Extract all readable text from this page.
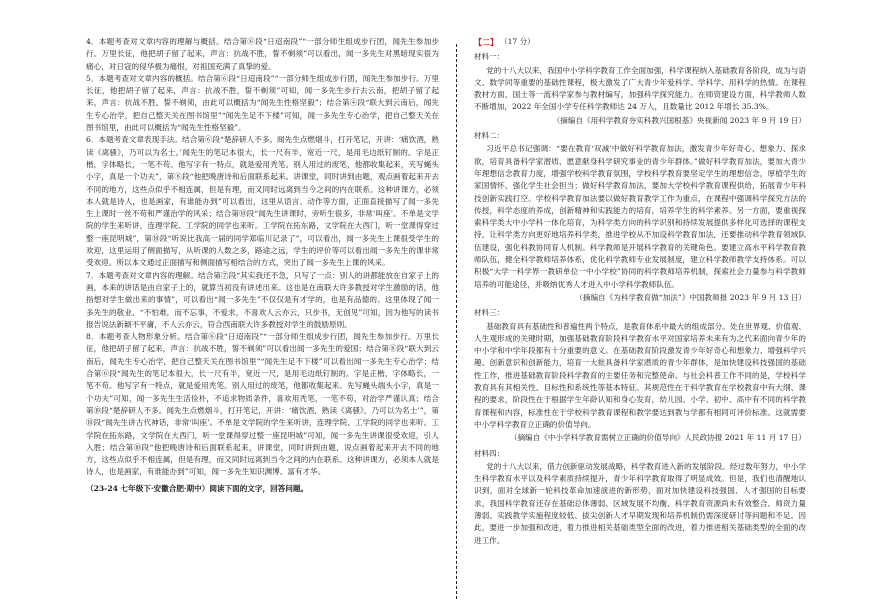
4．本题考查对文章内容的理解与概括。结合第⑥段“日迢南段”“一部分师生组成步行团，闻先生参加步行。万里长征，他把胡子留了起来，声言：抗战不胜，誓不剃须”可以看出，闻一多先生对黑暗现实很为痛心，对日寇的侵华极为痛恨，对祖国充满了真挚的爱。

5．本题考查对文章内容的概括。结合第⑥段“日迢南段”“一部分师生组成步行团，闻先生参加步行。万里长征，他把胡子留了起来，声言：抗战不胜，誓不剃须”可知，闻一多先生步行去云南，把胡子留了起来，声言：抗战不胜，誓不剃须，由此可以概括为“闻先生性格坚毅”；结合第④段“联大到云南后，闻先生专心治学，把自己整天关在图书馆里”“闻先生足不下楼”可知，闻一多先生专心治学，把自己整天关在图书馆里，由此可以概括为“闻先生性格坚毅”。

6．本题考查文章表现手法。结合第⑥段“楚辞研人不多。闻先生点燃烟斗，打开笔记，开讲：‘痛饮酒，熟读《离骚》，乃可以为名士。’闻先生的笔记本很大，长一尺有半，宽近一尺，是用毛边纸钉制的。字是正楷，字体略长，一笔不苟。他写字有一特点，就是爱用秃笔。别人用过的废笔，他都收集起来，夹写蝇头小字，真是一个功夫”，第⑧段“他把晚唐诗和后面联系起来。讲课堂，同时讲到由题，观点画着起来开去不同的地方，这些点似乎不相连属，但是有理，而又同时远离到当今之间的内在联系。这种讲课方，必须本人就是诗人，也是画家，有谁能办到”可以看出，这里从语言、动作等方面，正面直接描写了闻一多先生上课时一丝不苟和严谨治学的风采；结合第⑩段“闻先生讲课时，旁听生很多，非常‘叫座’。不单是文学院的学生来听讲，连理学院、工学院的同学也来听。工学院在拓东路，文学院在大西门，听一堂课得穿过整一座昆明城”，第⑩段“听说比我高一届的同学郑临川记录了”，可以看出，闻一多先生上课很受学生的欢迎，这里运用了侧面描写，从听课的人数之多，路途之远，学生的评价等可以看出闻一多先生的课非常受欢迎。所以本文通过正面描写和侧面描写相结合的方式，突出了闻一多先生上课的风采。

7．本题考查对文章内容的理解。结合第⑦段“其实我还不急，只写了一点：别人的讲都能放在自家子上的画，本来的讲话是由自家子上的，就算当初没有讲述出来。这也是在南联大许多教授对学生激励的话，他指想对学生做出来的事情”，可以看出“闻一多先生”不仅仅是有才学的，也是有品德的。这里体现了闻一多先生的敬业、“不怕难，而不忘事，不爱求，不喜欢人云亦云，只步书，无创见”可知，因为他写的读书报告说法新颖不平庸，不人云亦云，符合西南联大许多教授对学生的鼓励原则。

8．本题考查人物形象分析。结合第⑥段“日迢南段”“一部分师生组成步行团，闻先生参加步行。万里长征，他把胡子留了起来，声言：抗战不胜，誓不剃须”可以看出闻一多先生的爱国；结合第⑧段“联大到云南后，闻先生专心治学，把自己整天关在图书馆里”“闻先生足不下楼”可以看出闻一多先生专心治学；结合第⑥段“闻先生的笔记本很大，长一尺有半，宽近一尺，是用毛边纸钉制的。字是正楷，字体略长，一笔不苟。他写字有一特点，就是爱用秃笔。别人用过的废笔，他都收集起来。先写蝇头端头小字，真是一个功夫”可知，闻一多先生生活俭朴，不追求物质条件，喜欢用秃笔，一笔不苟，对治学严谨认真；结合第⑩段“楚辞研人不多。闻先生点燃烟斗，打开笔记，开讲：‘痛饮酒，熟读《离骚》，乃可以为名士’”，第⑩段“闻先生讲古代神话，非常‘叫座’。不单是文学院的学生来听讲，连理学院、工学院的同学也来听。工学院在拓东路，文学院在大西门，听一堂课得穿过整一座昆明城”可知，闻一多先生讲课很受欢迎，引人入胜；结合第⑩段“他把晚唐诗和后面联系起来，讲课堂，同时讲到由题，说点画着起来开去不同的地方，这些点似乎不相连属，但是有理，而又同时远离到当今之间的内在联系。这种讲课方，必须本人就是诗人，也是画家，有谁能办到”可知，闻一多先生知识渊博、富有才华。

（23-24 七年级下·安徽合肥·期中）阅读下面的文字，回答问题。

【二】 （17 分）
材料一：

党的十八大以来，我国中小学科学教育工作全面加强，科学课程纳入基础教育各阶段，成为与语文、数学同等重要的基础性课程，极大激发了广大青少年爱科学、学科学、用科学的热情。在课程教材方面，国士等一流科学家参与教材编写，加强科学探究能力。在师资建设方面，科学教师人数不断增加，2022 年全国小学专任科学教师达 24 万人，且数量比 2012 年增长 35.3%。

（摘编自《用科学教育夯实科教兴国根基》央视新闻 2023 年 9 月 19 日）

材料二：

习近平总书记强调：“要在教育‘双减’中做好科学教育加法，激发青少年好奇心、想象力、探求欲，培育具备科学家潜质、愿意献身科学研究事业的青少年群体。”做好科学教育加法，要加大青少年理想信念教育力度，增强学校科学教育氛围，学校科学教育要坚定学生的理想信念，厚植学生的家国情怀，强化学生社会担当；做好科学教育加法，要加大学校科学教育课程供给，拓展青少年科技创新实践打空。学校科学教育加法要以做好教育教学工作为重点，在课程中强调科学探究方法的传授，科学态度的养成，创新精神和实践能力的培育，培养学生的科学素养。另一方面，要重视探索科学类大中小学科一体化培育，为科学类方向的科学识别和持续发展提供多样化可选择的课程支持，让科学类方向更好地培养科学类，推进学校从不加设科学教育加法，还要推动科学教育领域队伍建设，强化科教协同育人机制。科学教师是开展科学教育的关键角色。要建立高水平科学教育教师队伍，健全科学教师培养体系，优化科学教师专业发展制度，建立科学教师教学支持体系。可以积极“大学一科学界一教研单位一中小学校”协同的科学教师培养机制，探索社会力量参与科学教师培养的可能途径，并吸纳优秀人才进入中小学科学教师队伍。

（摘编自《为科学教育做“加法”》中国教师报 2023 年 9 月 13 日）

材料三：

基础教育具有基础性和普遍性两个特点，是教育体系中最大的组成部分。处在世界观、价值观、人生观形成的关键时期，加强基础教育阶段科学教育水平对国家培养未来有为之代来面向青少年的中小学和中学年段都有十分重要的意义。在基础教育阶段激发青少年好奇心和想象力、增强科学兴趣、创新意识和创新能力，培育一大批具备科学家潜质的青少年群体，是加快建设科技强国的基础性工作，推进基础教育阶段科学教育的主要任务和完整使命。与社会科普工作不同的是，学校科学教育具有其相关性、目标性和系统性等基本特征。其规范性在于科学教育在学校教育中有大纲、课程的要求，阶段性在于根据学生年龄认知和身心发育，幼儿园、小学、初中、高中有不同的科学教育课程和内容，标准性在于学校科学教育课程和教学要达到教与学都有相同可评价标准。这就需要中小学科学教育立正确的价值导向。

（摘编自《中小学科学教育需树立正确的价值导向》人民政协报 2021 年 11 月 17 日）

材料四：

党的十八大以来，借力创新驱动发展战略，科学教育进入新的发展阶段。经过数年努力，中小学生科学教育水平以及科学素质持续提升，青少年科学教育取得了明显成效。但是，我们也清醒地认识到，面对全球新一轮科技革命加速演进的新形势，面对加快建设科技强国、人才强国的目标要求，我国科学教育还存在基础总体薄弱、区域发展不均衡、科学教育资源尚未有效整合、师资力量薄弱、实践教学实施程度较低、拔尖创新人才早期发现和培养机制仍需深度研讨等问题和不足。因此，要进一步加强和改进，着力推进相关基础类型全面的改进，着力推进相关基础类型的全面的改进工作。
